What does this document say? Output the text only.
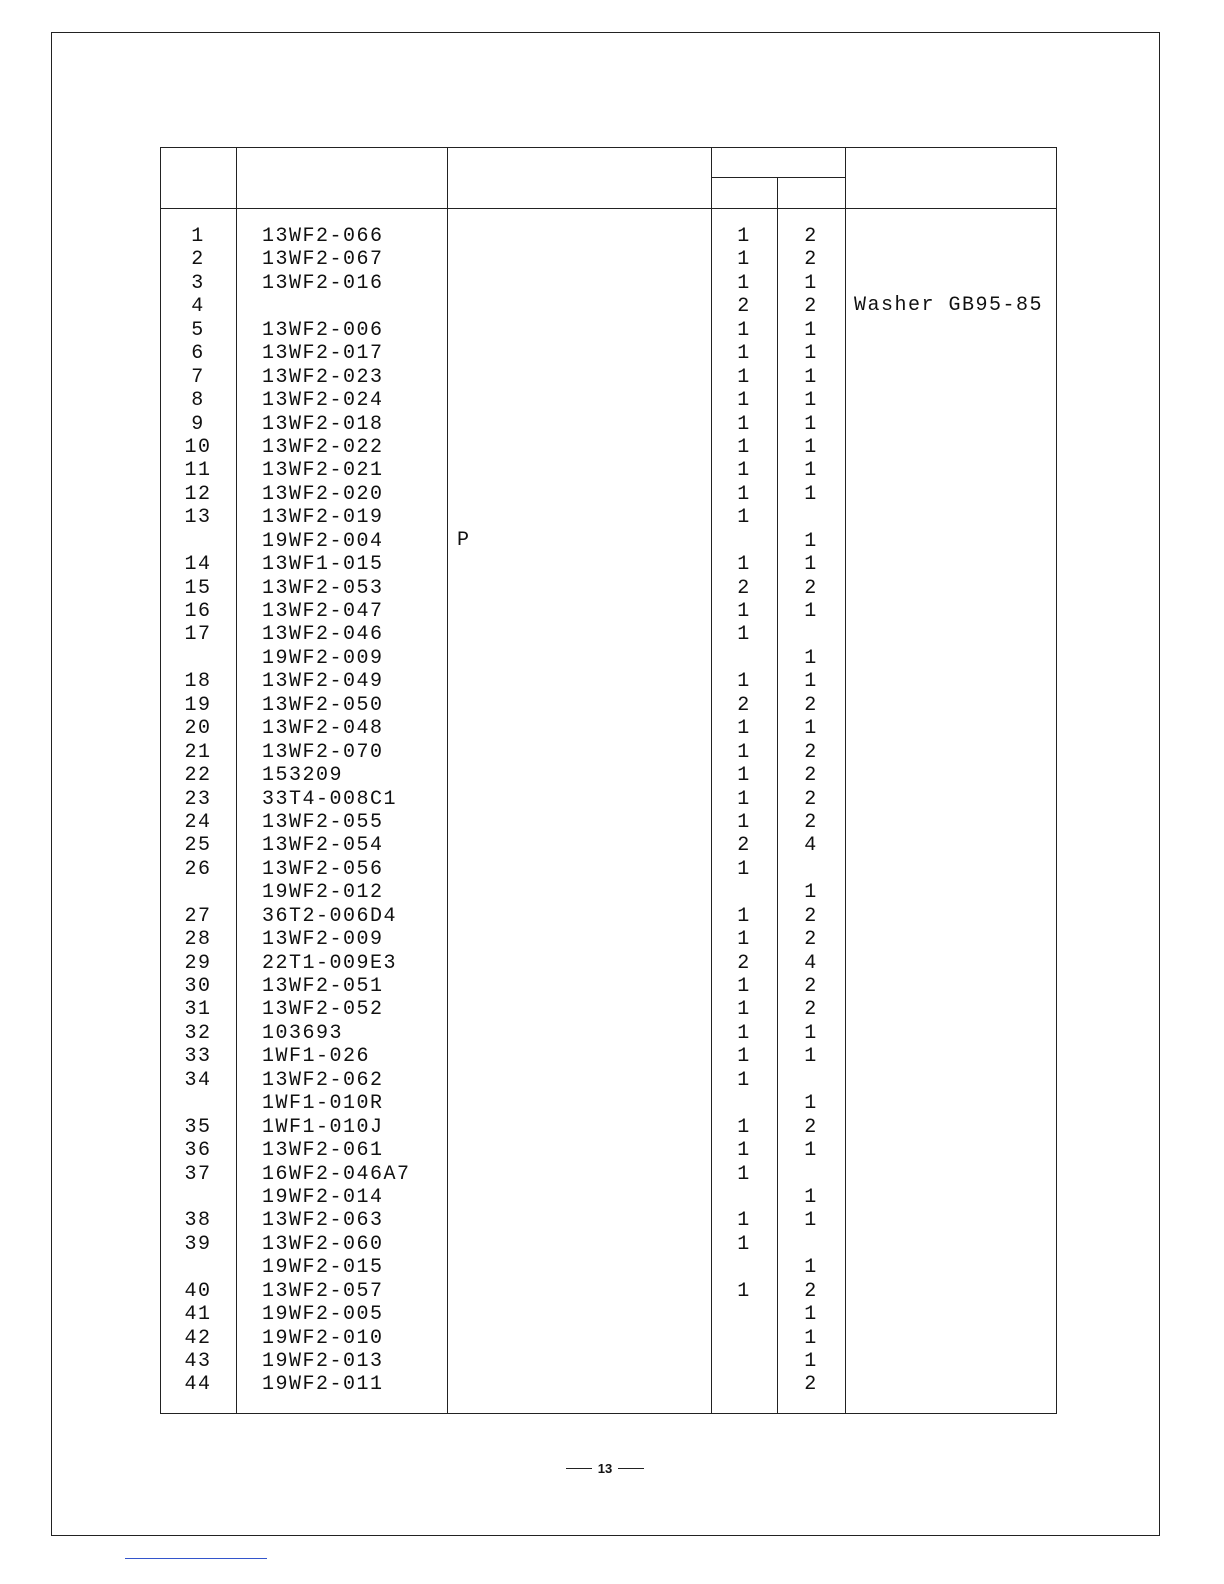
1
2
3
4
5
6
7
8
9
10
11
12
13
14
15
16
17
18
19
20
21
22
23
24
25
26
27
28
29
30
31
32
33
34
35
36
37
38
39
40
41
42
43
44
13WF2-066
13WF2-067
13WF2-016
13WF2-006
13WF2-017
13WF2-023
13WF2-024
13WF2-018
13WF2-022
13WF2-021
13WF2-020
13WF2-019
19WF2-004
13WF1-015
13WF2-053
13WF2-047
13WF2-046
19WF2-009
13WF2-049
13WF2-050
13WF2-048
13WF2-070
153209
33T4-008C1
13WF2-055
13WF2-054
13WF2-056
19WF2-012
36T2-006D4
13WF2-009
22T1-009E3
13WF2-051
13WF2-052
103693
1WF1-026
13WF2-062
1WF1-010R
1WF1-010J
13WF2-061
16WF2-046A7
19WF2-014
13WF2-063
13WF2-060
19WF2-015
13WF2-057
19WF2-005
19WF2-010
19WF2-013
19WF2-011
1
1
1
2
1
1
1
1
1
1
1
1
1
1
2
1
1
1
2
1
1
1
1
1
2
1
1
1
2
1
1
1
1
1
1
1
1
1
1
1
2
2
1
2
1
1
1
1
1
1
1
1
1
1
2
1
1
1
2
1
2
2
2
2
4
1
2
2
4
2
2
1
1
1
2
1
1
1
1
2
1
1
1
2
P
Washer GB95-85
13
